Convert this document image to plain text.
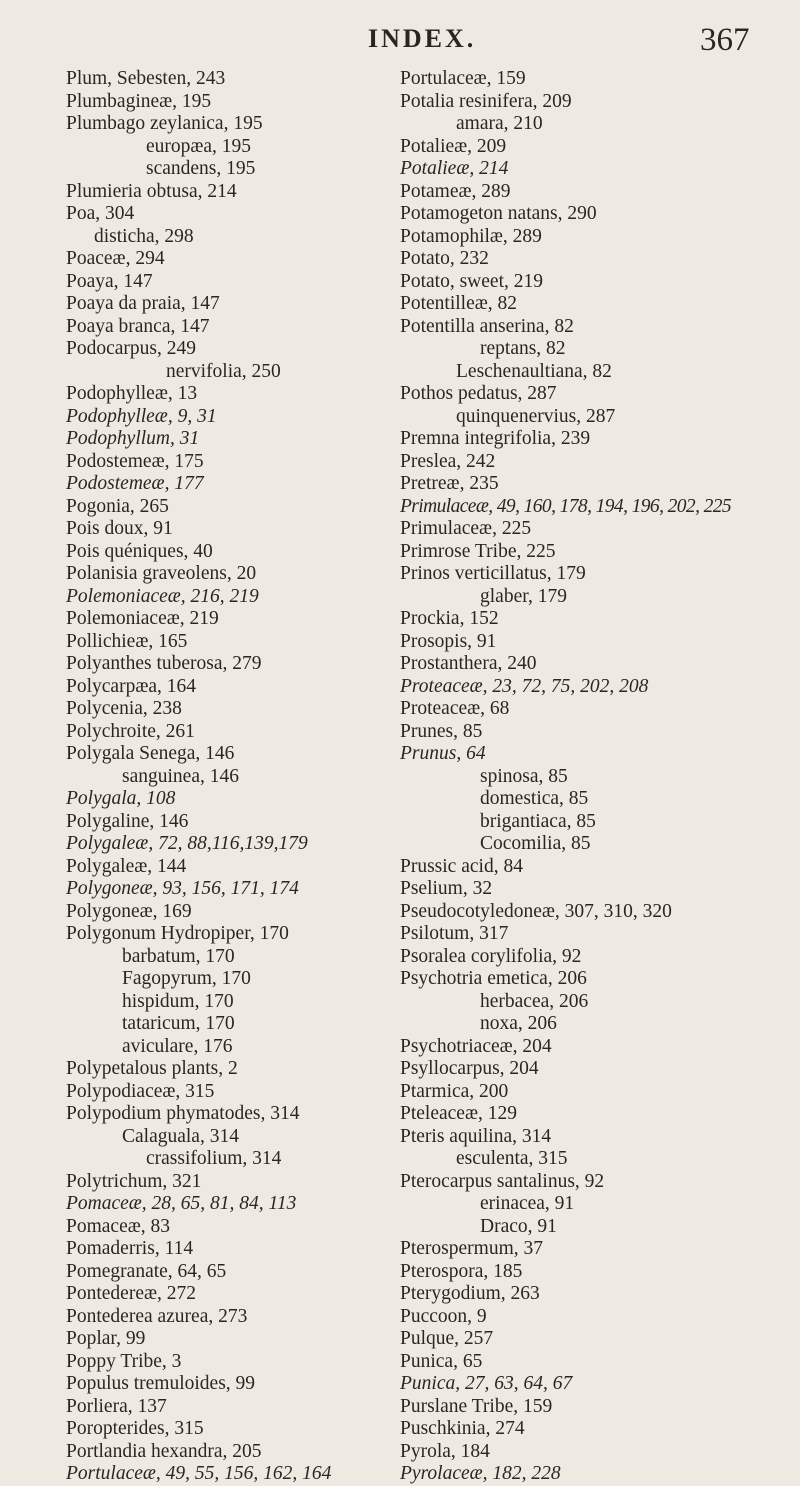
INDEX.	367
Plum, Sebesten, 243
Plumbagineæ, 195
Plumbago zeylanica, 195
europæa, 195
scandens, 195
Plumieria obtusa, 214
Poa, 304
disticha, 298
Poaceæ, 294
Poaya, 147
Poaya da praia, 147
Poaya branca, 147
Podocarpus, 249
nervifolia, 250
Podophylleæ, 13
Podophylleæ, 9, 31
Podophyllum, 31
Podostemeæ, 175
Podostemeæ, 177
Pogonia, 265
Pois doux, 91
Pois quéniques, 40
Polanisia graveolens, 20
Polemoniaceæ, 216, 219
Polemoniaceæ, 219
Pollichieæ, 165
Polyanthes tuberosa, 279
Polycarpæa, 164
Polycenia, 238
Polychroite, 261
Polygala Senega, 146
sanguinea, 146
Polygala, 108
Polygaline, 146
Polygaleæ, 72, 88,116,139,179
Polygaleæ, 144
Polygoneæ, 93, 156, 171, 174
Polygoneæ, 169
Polygonum Hydropiper, 170
barbatum, 170
Fagopyrum, 170
hispidum, 170
tataricum, 170
aviculare, 176
Polypetalous plants, 2
Polypodiaceæ, 315
Polypodium phymatodes, 314
Calaguala, 314
crassifolium, 314
Polytrichum, 321
Pomaceæ, 28, 65, 81, 84, 113
Pomaceæ, 83
Pomaderris, 114
Pomegranate, 64, 65
Pontedereæ, 272
Pontederea azurea, 273
Poplar, 99
Poppy Tribe, 3
Populus tremuloides, 99
Porliera, 137
Poropterides, 315
Portlandia hexandra, 205
Portulaceæ, 49, 55, 156, 162, 164
Portulaceæ, 159
Potalia resinifera, 209
amara, 210
Potalieæ, 209
Potalieæ, 214
Potameæ, 289
Potamogeton natans, 290
Potamophilæ, 289
Potato, 232
Potato, sweet, 219
Potentilleæ, 82
Potentilla anserina, 82
reptans, 82
Leschenaultiana, 82
Pothos pedatus, 287
quinquenervius, 287
Premna integrifolia, 239
Preslea, 242
Pretreæ, 235
Primulaceæ, 49, 160, 178, 194, 196, 202, 225
Primulaceæ, 225
Primrose Tribe, 225
Prinos verticillatus, 179
glaber, 179
Prockia, 152
Prosopis, 91
Prostanthera, 240
Proteaceæ, 23, 72, 75, 202, 208
Proteaceæ, 68
Prunes, 85
Prunus, 64
spinosa, 85
domestica, 85
brigantiaca, 85
Cocomilia, 85
Prussic acid, 84
Pselium, 32
Pseudocotyledoneæ, 307, 310, 320
Psilotum, 317
Psoralea corylifolia, 92
Psychotria emetica, 206
herbacea, 206
noxa, 206
Psychotriaceæ, 204
Psyllocarpus, 204
Ptarmica, 200
Pteleaceæ, 129
Pteris aquilina, 314
esculenta, 315
Pterocarpus santalinus, 92
erinacea, 91
Draco, 91
Pterospermum, 37
Pterospora, 185
Pterygodium, 263
Puccoon, 9
Pulque, 257
Punica, 65
Punica, 27, 63, 64, 67
Purslane Tribe, 159
Puschkinia, 274
Pyrola, 184
Pyrolaceæ, 182, 228
